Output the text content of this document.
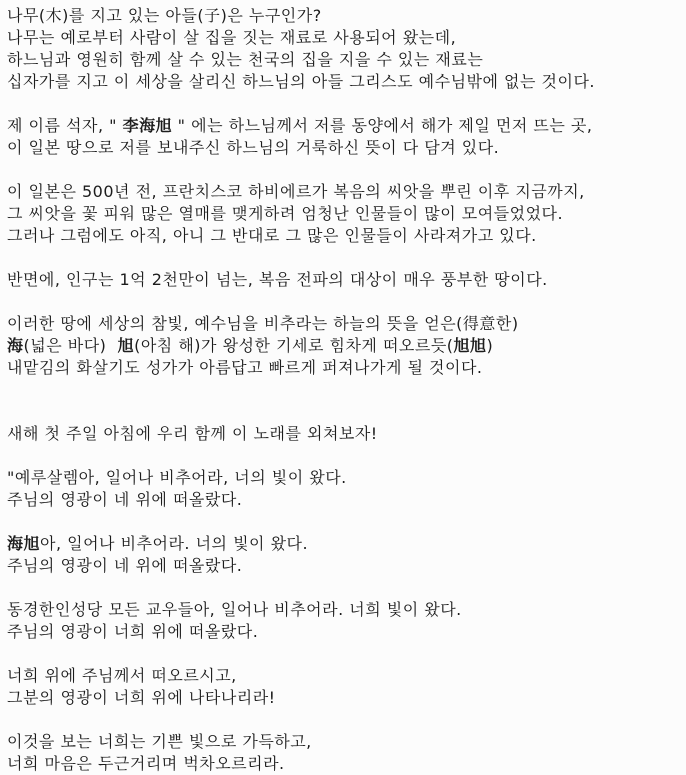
나무(木)를 지고 있는 아들(子)은 누구인가?
나무는 예로부터 사람이 살 집을 짓는 재료로 사용되어 왔는데,
하느님과 영원히 함께 살 수 있는 천국의 집을 지을 수 있는 재료는
십자가를 지고 이 세상을 살리신 하느님의 아들 그리스도 예수님밖에 없는 것이다.
제 이름 석자, " 李海旭 " 에는 하느님께서 저를 동양에서 해가 제일 먼저 뜨는 곳,
이 일본 땅으로 저를 보내주신 하느님의 거룩하신 뜻이 다 담겨 있다.
이 일본은 500년 전, 프란치스코 하비에르가 복음의 씨앗을 뿌린 이후 지금까지,
그 씨앗을 꽃 피워 많은 열매를 맺게하려 엄청난 인물들이 많이 모여들었었다.
그러나 그럼에도 아직, 아니 그 반대로 그 많은 인물들이 사라져가고 있다.
반면에, 인구는 1억 2천만이 넘는, 복음 전파의 대상이 매우 풍부한 땅이다.
이러한 땅에 세상의 참빛, 예수님을 비추라는 하늘의 뜻을 얻은(得意한)
海(넓은 바다)  旭(아침 해)가 왕성한 기세로 힘차게 떠오르듯(旭旭)
내맡김의 화살기도 성가가 아름답고 빠르게 퍼져나가게 될 것이다.
새해 첫 주일 아침에 우리 함께 이 노래를 외쳐보자!
"예루살렘아, 일어나 비추어라, 너의 빛이 왔다.
주님의 영광이 네 위에 떠올랐다.
海旭아, 일어나 비추어라. 너의 빛이 왔다.
주님의 영광이 네 위에 떠올랐다.
동경한인성당 모든 교우들아, 일어나 비추어라. 너희 빛이 왔다.
주님의 영광이 너희 위에 떠올랐다.
너희 위에 주님께서 떠오르시고,
그분의 영광이 너희 위에 나타나리라!
이것을 보는 너희는 기쁜 빛으로 가득하고,
너희 마음은 두근거리며 벅차오르리라.
